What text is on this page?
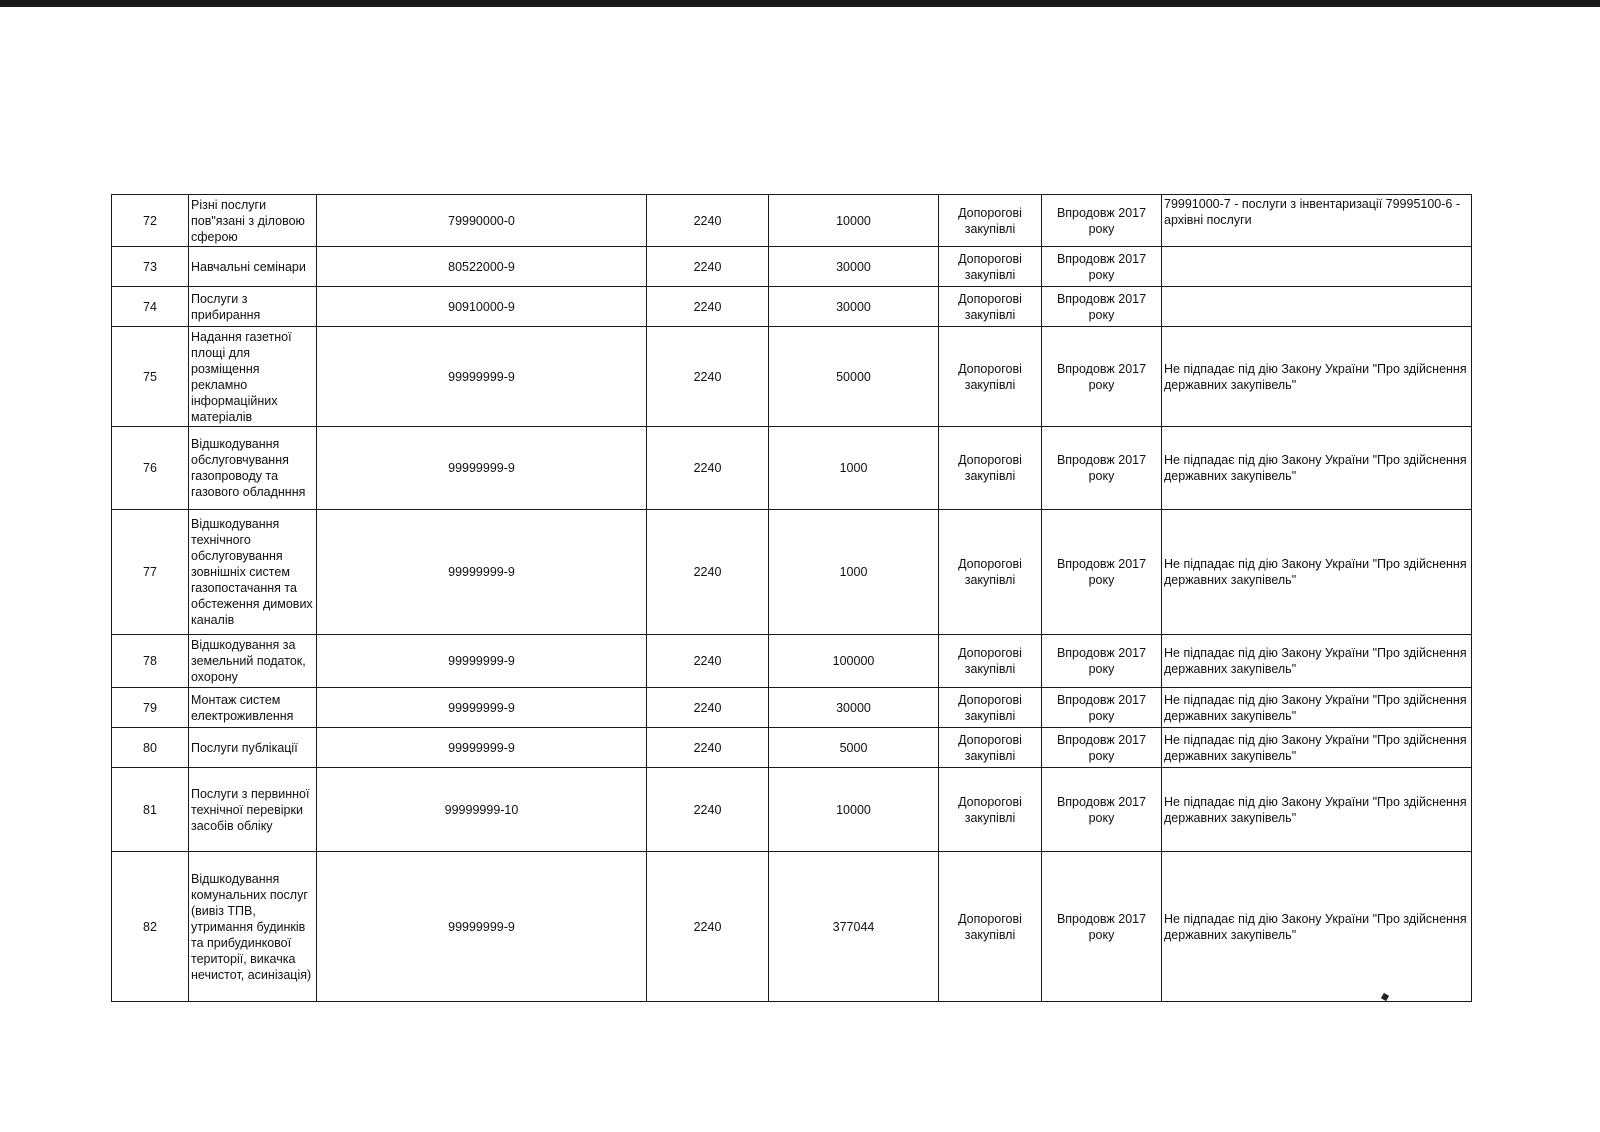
72	Різні послуги пов"язані з діловою сферою	79990000-0	2240	10000	Допорогові закупівлі	Впродовж 2017 року	79991000-7 - послуги з інвентаризації 79995100-6 - архівні послуги
73	Навчальні семінари	80522000-9	2240	30000	Допорогові закупівлі	Впродовж 2017 року	
74	Послуги з прибирання	90910000-9	2240	30000	Допорогові закупівлі	Впродовж 2017 року	
75	Надання газетної площі для розміщення рекламно інформаційних матеріалів	99999999-9	2240	50000	Допорогові закупівлі	Впродовж 2017 року	Не підпадає під дію Закону України "Про здійснення державних закупівель"
76	Відшкодування обслуговчування газопроводу та газового обладнння	99999999-9	2240	1000	Допорогові закупівлі	Впродовж 2017 року	Не підпадає під дію Закону України "Про здійснення державних закупівель"
77	Відшкодування технічного обслуговування зовнішніх систем газопостачання та обстеження димових каналів	99999999-9	2240	1000	Допорогові закупівлі	Впродовж 2017 року	Не підпадає під дію Закону України "Про здійснення державних закупівель"
78	Відшкодування за земельний податок, охорону	99999999-9	2240	100000	Допорогові закупівлі	Впродовж 2017 року	Не підпадає під дію Закону України "Про здійснення державних закупівель"
79	Монтаж систем електроживлення	99999999-9	2240	30000	Допорогові закупівлі	Впродовж 2017 року	Не підпадає під дію Закону України "Про здійснення державних закупівель"
80	Послуги публікації	99999999-9	2240	5000	Допорогові закупівлі	Впродовж 2017 року	Не підпадає під дію Закону України "Про здійснення державних закупівель"
81	Послуги з первинної технічної перевірки засобів обліку	99999999-10	2240	10000	Допорогові закупівлі	Впродовж 2017 року	Не підпадає під дію Закону України "Про здійснення державних закупівель"
82	Відшкодування комунальних послуг (вивіз ТПВ, утримання будинків та прибудинкової території, викачка нечистот, асинізація)	99999999-9	2240	377044	Допорогові закупівлі	Впродовж 2017 року	Не підпадає під дію Закону України "Про здійснення державних закупівель"
